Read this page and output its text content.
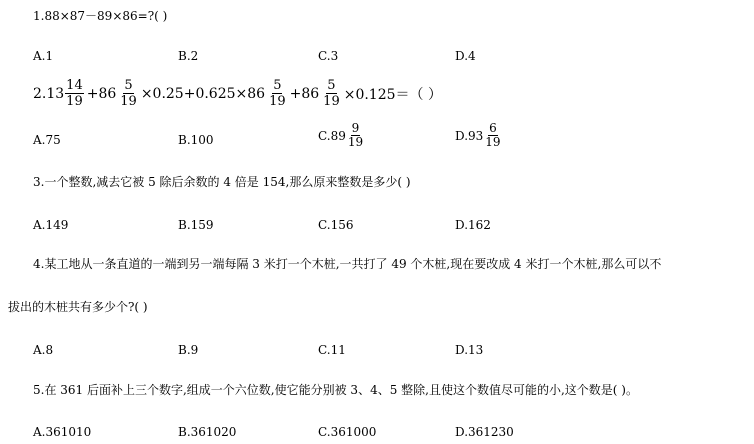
1.88×87－89×86=?( )
A.1	B.2	C.3	D.4
$2.13 \frac{14}{19} +86 \frac{5}{19} \times 0.25+0.625\times 86 \frac{5}{19} +86 \frac{5}{19} \times 0.125=$（ ）
A.75	B.100	$C.89 \frac{9}{19}$	$D.93 \frac{6}{19}$
3.一个整数,减去它被 5 除后余数的 4 倍是 154,那么原来整数是多少( )
A.149	B.159	C.156	D.162
4.某工地从一条直道的一端到另一端每隔 3 米打一个木桩,一共打了 49 个木桩,现在要改成 4 米打一个木桩,那么可以不
拔出的木桩共有多少个?( )
A.8	B.9	C.11	D.13
5.在 361 后面补上三个数字,组成一个六位数,使它能分别被 3、4、5 整除,且使这个数值尽可能的小,这个数是( )。
A.361010	B.361020	C.361000	D.361230
